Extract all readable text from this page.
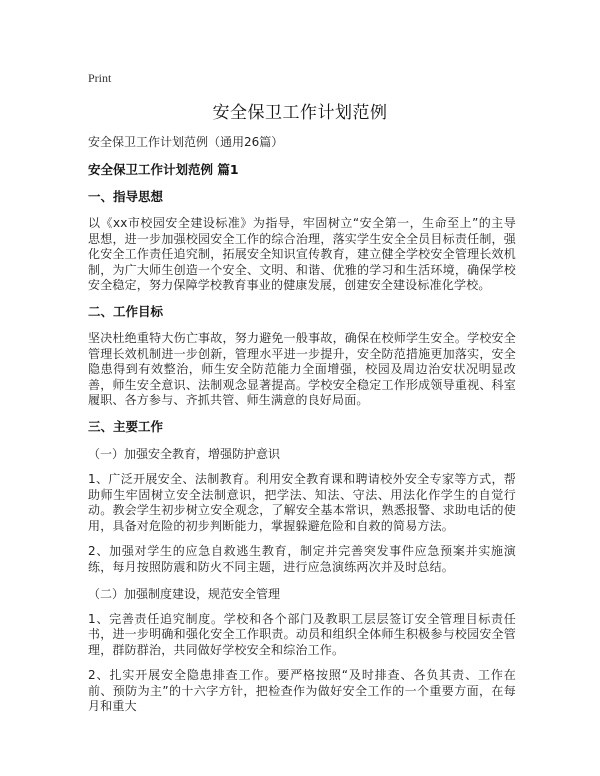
Print
安全保卫工作计划范例

安全保卫工作计划范例（通用26篇）

安全保卫工作计划范例 篇1

一、指导思想

以《xx市校园安全建设标准》为指导，牢固树立“安全第一，生命至上”的主导思想，进一步加强校园安全工作的综合治理，落实学生安全全员目标责任制，强化安全工作责任追究制，拓展安全知识宣传教育，建立健全学校安全管理长效机制，为广大师生创造一个安全、文明、和谐、优雅的学习和生活环境，确保学校安全稳定，努力保障学校教育事业的健康发展，创建安全建设标准化学校。

二、工作目标

坚决杜绝重特大伤亡事故，努力避免一般事故，确保在校师学生安全。学校安全管理长效机制进一步创新，管理水平进一步提升，安全防范措施更加落实，安全隐患得到有效整治，师生安全防范能力全面增强，校园及周边治安状况明显改善，师生安全意识、法制观念显著提高。学校安全稳定工作形成领导重视、科室履职、各方参与、齐抓共管、师生满意的良好局面。

三、主要工作

（一）加强安全教育，增强防护意识

1、广泛开展安全、法制教育。利用安全教育课和聘请校外安全专家等方式，帮助师生牢固树立安全法制意识，把学法、知法、守法、用法化作学生的自觉行动。教会学生初步树立安全观念，了解安全基本常识，熟悉报警、求助电话的使用，具备对危险的初步判断能力，掌握躲避危险和自救的简易方法。

2、加强对学生的应急自救逃生教育，制定并完善突发事件应急预案并实施演练，每月按照防震和防火不同主题，进行应急演练两次并及时总结。

（二）加强制度建设，规范安全管理

1、完善责任追究制度。学校和各个部门及教职工层层签订安全管理目标责任书，进一步明确和强化安全工作职责。动员和组织全体师生积极参与校园安全管理，群防群治，共同做好学校安全和综治工作。

2、扎实开展安全隐患排查工作。要严格按照“及时排查、各负其责、工作在前、预防为主”的十六字方针，把检查作为做好安全工作的一个重要方面，在每月和重大
